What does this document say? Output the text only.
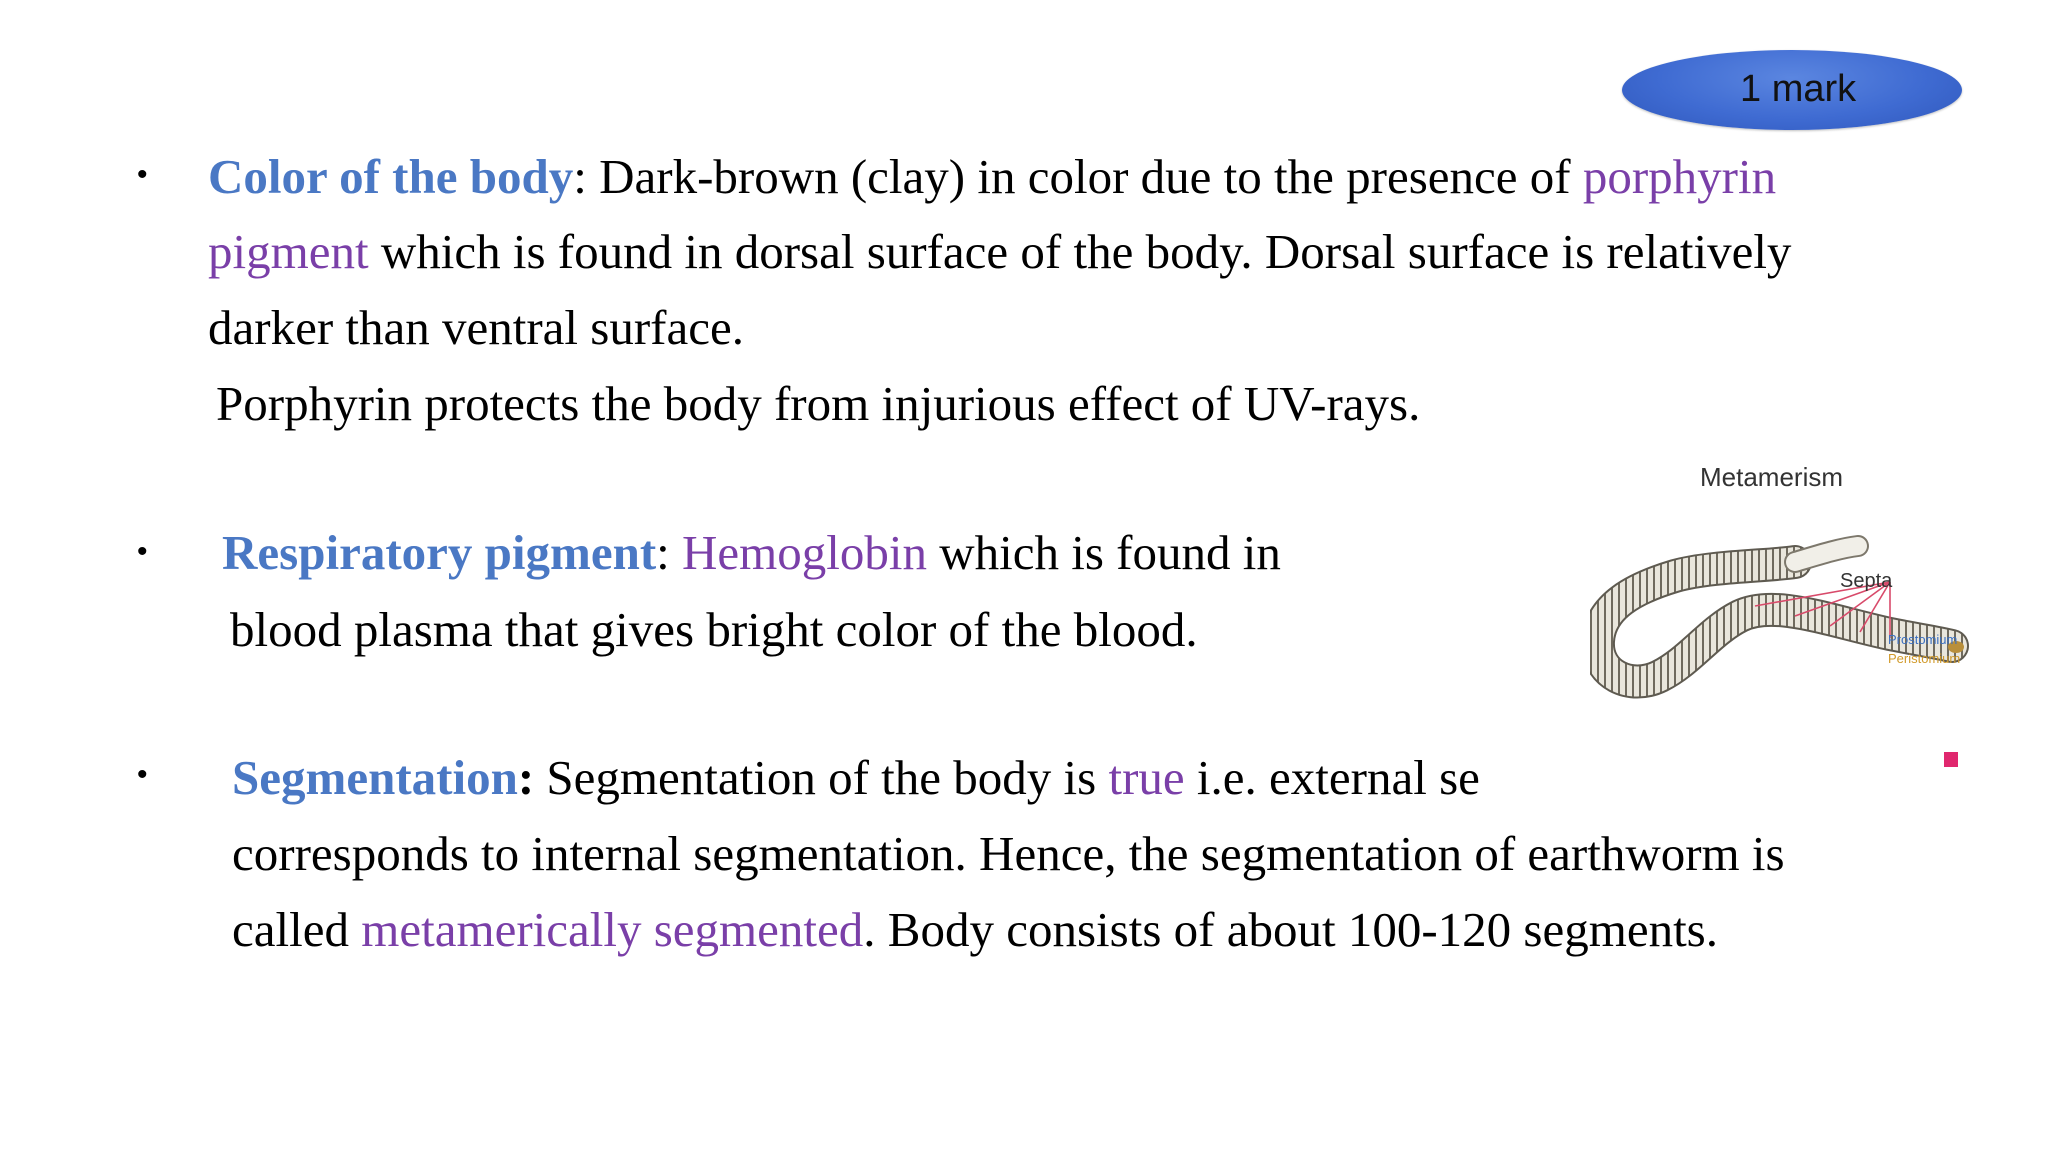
1 mark
• Color of the body: Dark-brown (clay) in color due to the presence of porphyrin
pigment which is found in dorsal surface of the body. Dorsal surface is relatively
darker than ventral surface.
Porphyrin protects the body from injurious effect of UV-rays.
• Respiratory pigment: Hemoglobin which is found in
blood plasma that gives bright color of the blood.
• Segmentation: Segmentation of the body is true i.e. external se
corresponds to internal segmentation. Hence, the segmentation of earthworm is
called metamerically segmented. Body consists of about 100-120 segments.
Metamerism
Septa
Prostomium
Peristomium
